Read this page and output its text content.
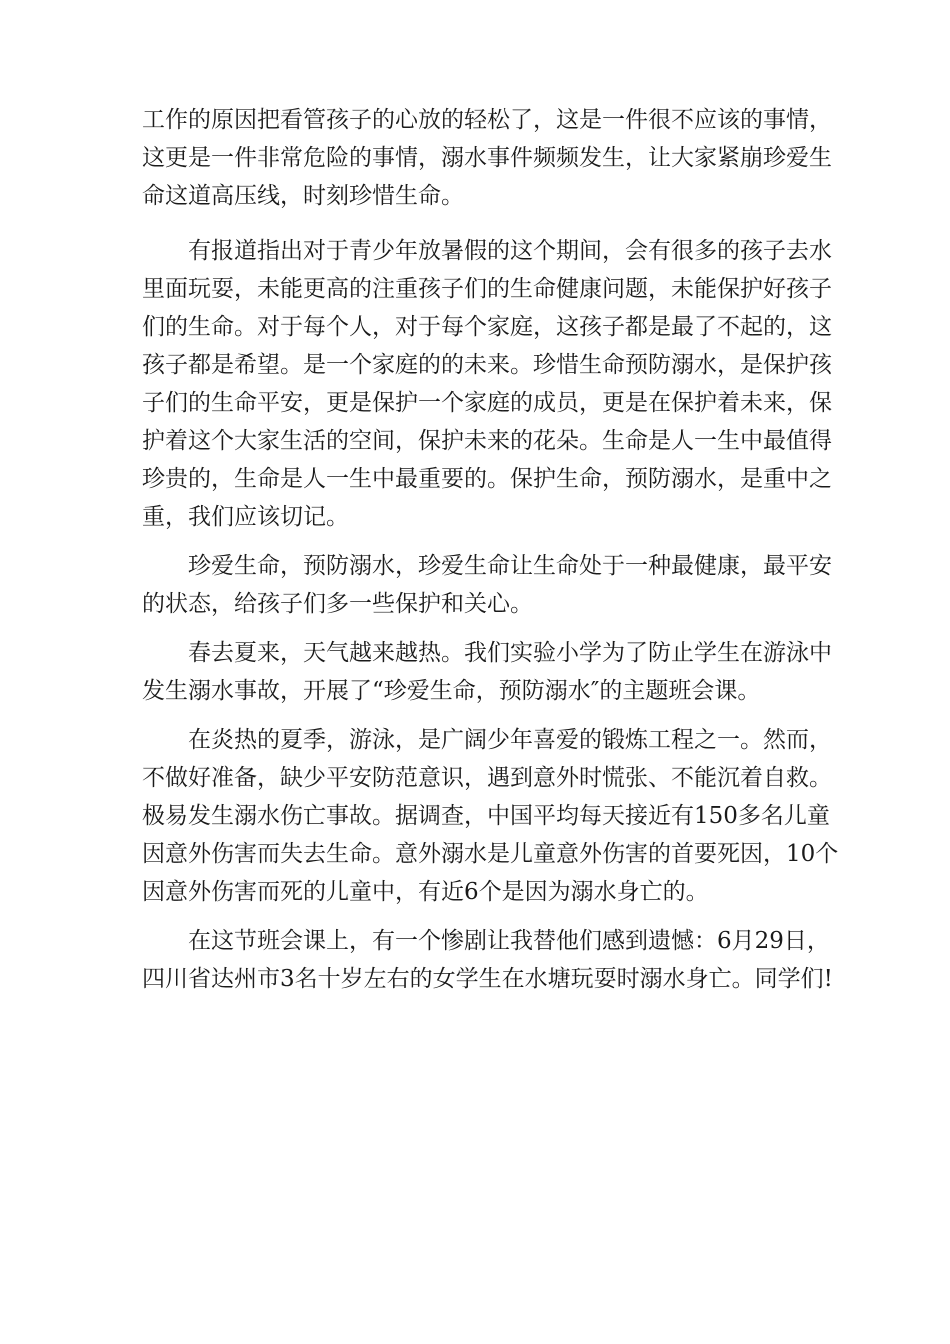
工作的原因把看管孩子的心放的轻松了，这是一件很不应该的事情，
这更是一件非常危险的事情，溺水事件频频发生，让大家紧崩珍爱生
命这道高压线，时刻珍惜生命。
　　有报道指出对于青少年放暑假的这个期间，会有很多的孩子去水
里面玩耍，未能更高的注重孩子们的生命健康问题，未能保护好孩子
们的生命。对于每个人，对于每个家庭，这孩子都是最了不起的，这
孩子都是希望。是一个家庭的的未来。珍惜生命预防溺水，是保护孩
子们的生命平安，更是保护一个家庭的成员，更是在保护着未来，保
护着这个大家生活的空间，保护未来的花朵。生命是人一生中最值得
珍贵的，生命是人一生中最重要的。保护生命，预防溺水，是重中之
重，我们应该切记。
　　珍爱生命，预防溺水，珍爱生命让生命处于一种最健康，最平安
的状态，给孩子们多一些保护和关心。
　　春去夏来，天气越来越热。我们实验小学为了防止学生在游泳中
发生溺水事故，开展了“珍爱生命，预防溺水″的主题班会课。
　　在炎热的夏季，游泳，是广阔少年喜爱的锻炼工程之一。然而，
不做好准备，缺少平安防范意识，遇到意外时慌张、不能沉着自救。
极易发生溺水伤亡事故。据调查，中国平均每天接近有150多名儿童
因意外伤害而失去生命。意外溺水是儿童意外伤害的首要死因，10个
因意外伤害而死的儿童中，有近6个是因为溺水身亡的。
　　在这节班会课上，有一个惨剧让我替他们感到遗憾：6月29日，
四川省达州市3名十岁左右的女学生在水塘玩耍时溺水身亡。同学们!
